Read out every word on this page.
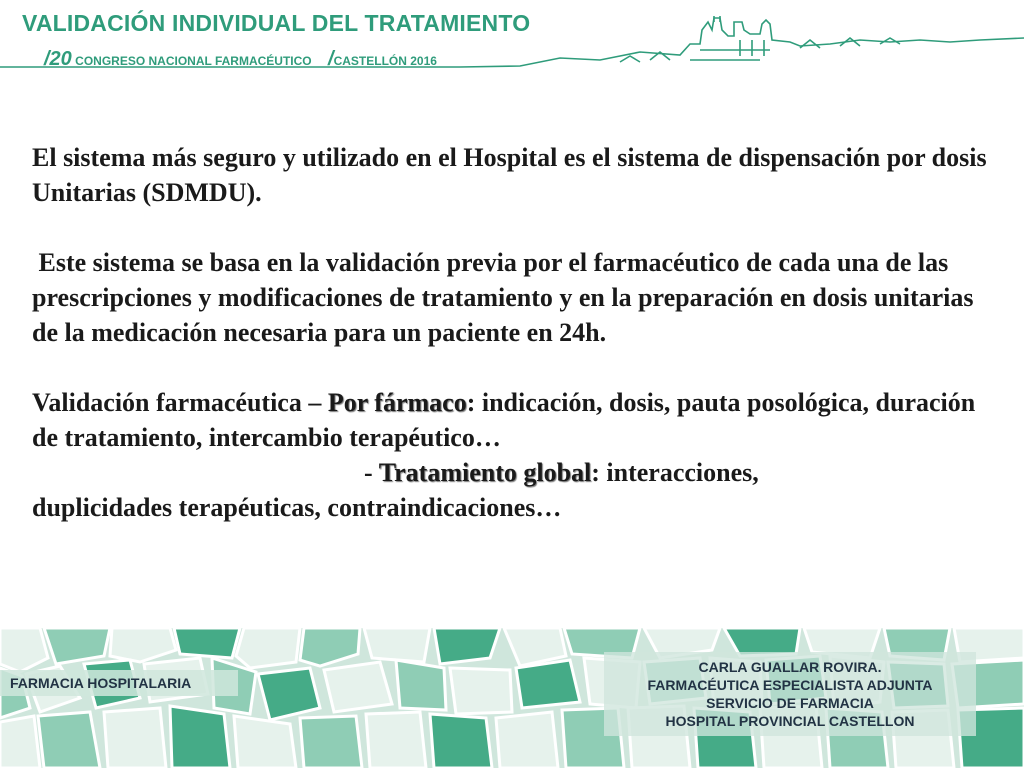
VALIDACIÓN INDIVIDUAL DEL TRATAMIENTO
/20 CONGRESO NACIONAL FARMACÉUTICO /CASTELLÓN 2016

El sistema más seguro y utilizado en el Hospital es el sistema de dispensación por dosis Unitarias (SDMDU).

Este sistema se basa en la validación previa por el farmacéutico de cada una de las prescripciones y modificaciones de tratamiento y en la preparación en dosis unitarias de la medicación necesaria para un paciente en 24h.

Validación farmacéutica – Por fármaco: indicación, dosis, pauta posológica, duración de tratamiento, intercambio terapéutico…

- Tratamiento global: interacciones,

duplicidades terapéuticas, contraindicaciones…

FARMACIA HOSPITALARIA
CARLA GUALLAR ROVIRA.
FARMACÉUTICA ESPECIALISTA ADJUNTA
SERVICIO DE FARMACIA
HOSPITAL PROVINCIAL CASTELLON
